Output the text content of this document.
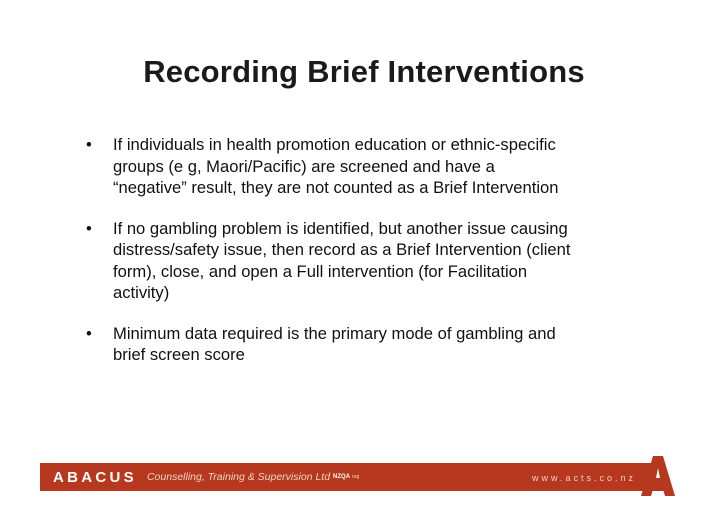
Recording Brief Interventions
• If individuals in health promotion education or ethnic-specific
groups (e g, Maori/Pacific) are screened and have a
“negative” result, they are not counted as a Brief Intervention
• If no gambling problem is identified, but another issue causing
distress/safety issue, then record as a Brief Intervention (client
form), close, and open a Full intervention (for Facilitation
activity)
• Minimum data required is the primary mode of gambling and
brief screen score
ABACUS Counselling, Training & Supervision Ltd NZQA reg	www.acts.co.nz
